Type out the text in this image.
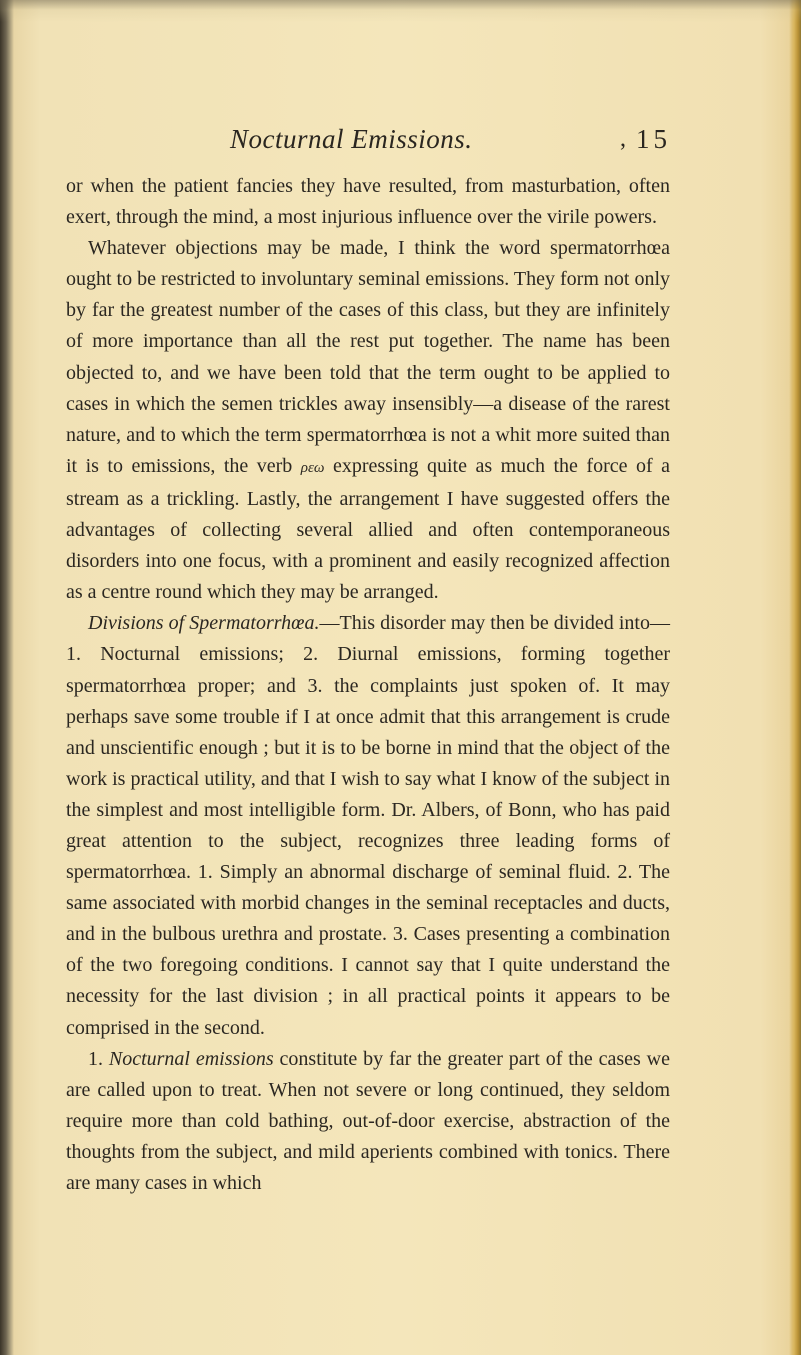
Nocturnal Emissions.	, 15

or when the patient fancies they have resulted, from masturbation, often exert, through the mind, a most injurious influence over the virile powers.

Whatever objections may be made, I think the word spermatorrhœa ought to be restricted to involuntary seminal emissions. They form not only by far the greatest number of the cases of this class, but they are infinitely of more importance than all the rest put together. The name has been objected to, and we have been told that the term ought to be applied to cases in which the semen trickles away insensibly—a disease of the rarest nature, and to which the term spermatorrhœa is not a whit more suited than it is to emissions, the verb ρεω expressing quite as much the force of a stream as a trickling. Lastly, the arrangement I have suggested offers the advantages of collecting several allied and often contemporaneous disorders into one focus, with a prominent and easily recognized affection as a centre round which they may be arranged.

Divisions of Spermatorrhœa.—This disorder may then be divided into—1. Nocturnal emissions; 2. Diurnal emissions, forming together spermatorrhœa proper; and 3. the complaints just spoken of. It may perhaps save some trouble if I at once admit that this arrangement is crude and unscientific enough ; but it is to be borne in mind that the object of the work is practical utility, and that I wish to say what I know of the subject in the simplest and most intelligible form. Dr. Albers, of Bonn, who has paid great attention to the subject, recognizes three leading forms of spermatorrhœa. 1. Simply an abnormal discharge of seminal fluid. 2. The same associated with morbid changes in the seminal receptacles and ducts, and in the bulbous urethra and prostate. 3. Cases presenting a combination of the two foregoing conditions. I cannot say that I quite understand the necessity for the last division ; in all practical points it appears to be comprised in the second.

1. Nocturnal emissions constitute by far the greater part of the cases we are called upon to treat. When not severe or long continued, they seldom require more than cold bathing, out-of-door exercise, abstraction of the thoughts from the subject, and mild aperients combined with tonics. There are many cases in which
